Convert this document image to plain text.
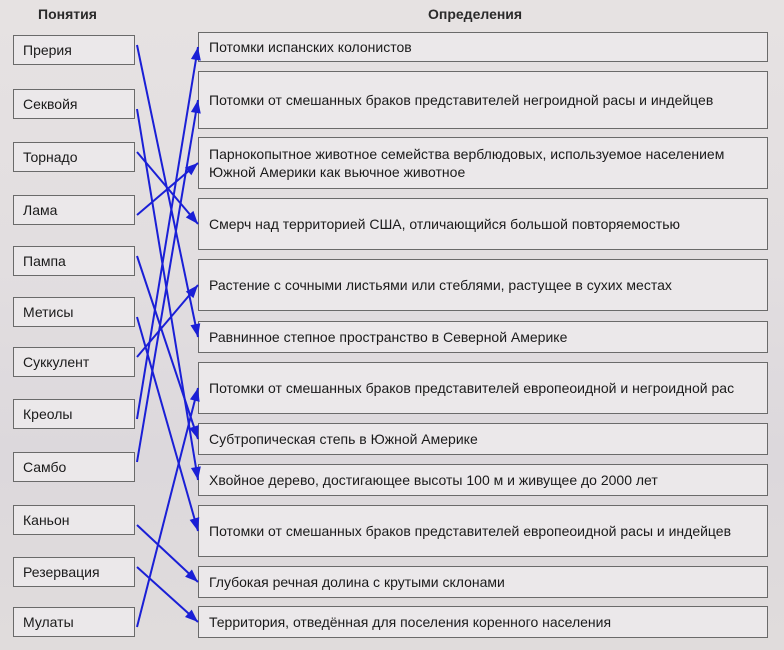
Понятия	Определения
Прерия
Секвойя
Торнадо
Лама
Пампа
Метисы
Суккулент
Креолы
Самбо
Каньон
Резервация
Мулаты
Потомки испанских колонистов
Потомки от смешанных браков представителей негроидной расы и индейцев
Парнокопытное животное семейства верблюдовых, используемое населением Южной Америки как вьючное животное
Смерч над территорией США, отличающийся большой повторяемостью
Растение с сочными листьями или стеблями, растущее в сухих местах
Равнинное степное пространство в Северной Америке
Потомки от смешанных браков представителей европеоидной и негроидной рас
Субтропическая степь в Южной Америке
Хвойное дерево, достигающее высоты 100 м и живущее до 2000 лет
Потомки от смешанных браков представителей европеоидной расы и индейцев
Глубокая речная долина с крутыми склонами
Территория, отведённая для поселения коренного населения
